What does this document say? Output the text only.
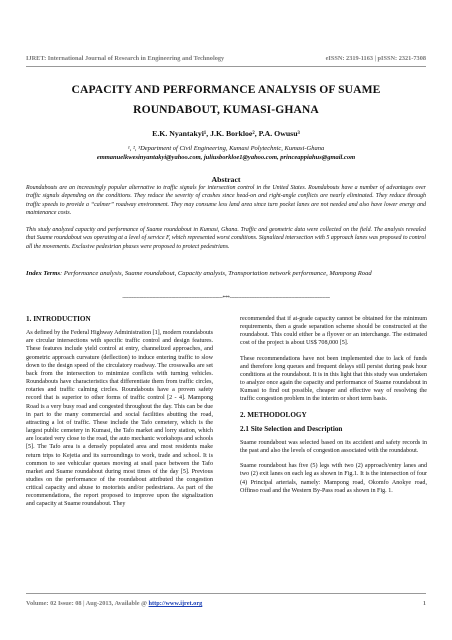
IJRET: International Journal of Research in Engineering and Technology	eISSN: 2319-1163 | pISSN: 2321-7308
CAPACITY AND PERFORMANCE ANALYSIS OF SUAME
ROUNDABOUT, KUMASI-GHANA
E.K. Nyantakyi¹, J.K. Borkloe², P.A. Owusu³
¹, ², ³Department of Civil Engineering, Kumasi Polytechnic, Kumasi-Ghana
emmanuelkwesinyantakyi@yahoo.com, juliusborkloe1@yahoo.com, princeappiahus@gmail.com
Abstract
Roundabouts are an increasingly popular alternative to traffic signals for intersection control in the United States. Roundabouts have a number of advantages over traffic signals depending on the conditions. They reduce the severity of crashes since head-on and right-angle conflicts are nearly eliminated. They reduce through traffic speeds to provide a “calmer” roadway environment. They may consume less land area since turn pocket lanes are not needed and also have lower energy and maintenance costs.
This study analyzed capacity and performance of Suame roundabout in Kumasi, Ghana. Traffic and geometric data were collected on the field. The analysis revealed that Suame roundabout was operating at a level of service F, which represented worst conditions. Signalized intersection with 5 approach lanes was proposed to control all the movements. Exclusive pedestrian phases were proposed to protect pedestrians.
Index Terms: Performance analysis, Suame roundabout, Capacity analysis, Transportation network performance, Mampong Road
----------------------------------------------------------------------***----------------------------------------------------------------------
1. INTRODUCTION

As defined by the Federal Highway Administration [1], modern roundabouts are circular intersections with specific traffic control and design features. These features include yield control at entry, channelized approaches, and geometric approach curvature (deflection) to induce entering traffic to slow down to the design speed of the circulatory roadway. The crosswalks are set back from the intersection to minimize conflicts with turning vehicles. Roundabouts have characteristics that differentiate them from traffic circles, rotaries and traffic calming circles. Roundabouts have a proven safety record that is superior to other forms of traffic control [2 - 4]. Mampong Road is a very busy road and congested throughout the day. This can be due in part to the many commercial and social facilities abutting the road, attracting a lot of traffic. These include the Tafo cemetery, which is the largest public cemetery in Kumasi, the Tafo market and lorry station, which are located very close to the road, the auto mechanic workshops and schools [5]. The Tafo area is a densely populated area and most residents make return trips to Kejetia and its surroundings to work, trade and school. It is common to see vehicular queues moving at snail pace between the Tafo market and Suame roundabout during most times of the day [5]. Previous studies on the performance of the roundabout attributed the congestion critical capacity and abuse to motorists and/or pedestrians. As part of the recommendations, the report proposed to improve upon the signalization and capacity at Suame roundabout. They

recommended that if at-grade capacity cannot be obtained for the minimum requirements, then a grade separation scheme should be constructed at the roundabout. This could either be a flyover or an interchange. The estimated cost of the project is about US$ 708,000 [5].

These recommendations have not been implemented due to lack of funds and therefore long queues and frequent delays still persist during peak hour conditions at the roundabout. It is in this light that this study was undertaken to analyze once again the capacity and performance of Suame roundabout in Kumasi to find out possible, cheaper and effective way of resolving the traffic congestion problem in the interim or short term basis.

2. METHODOLOGY
2.1 Site Selection and Description

Suame roundabout was selected based on its accident and safety records in the past and also the levels of congestion associated with the roundabout.

Suame roundabout has five (5) legs with two (2) approach/entry lanes and two (2) exit lanes on each leg as shown in Fig.1. It is the intersection of four (4) Principal arterials, namely: Mampong road, Okomfo Anokye road, Offinso road and the Western By-Pass road as shown in Fig. 1.

Volume: 02 Issue: 08 | Aug-2013, Available @ http://www.ijret.org	1
